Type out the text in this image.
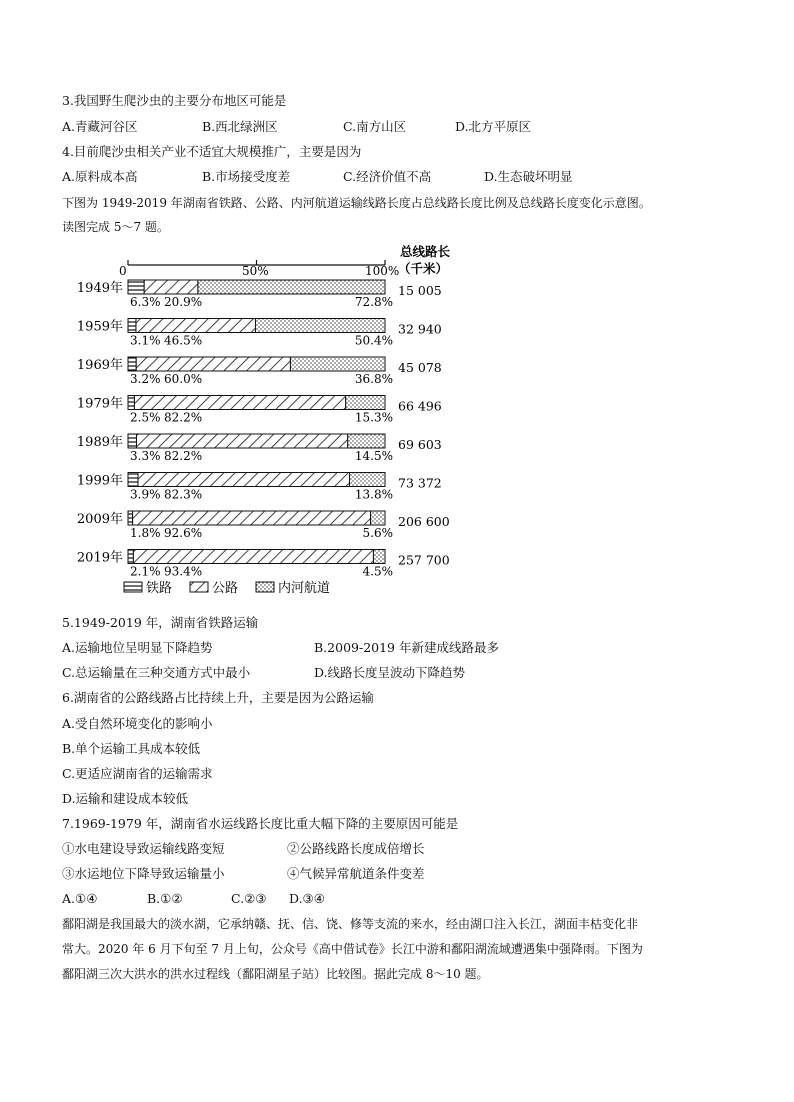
3.我国野生爬沙虫的主要分布地区可能是
A.青藏河谷区	B.西北绿洲区	C.南方山区	D.北方平原区
4.目前爬沙虫相关产业不适宜大规模推广，主要是因为
A.原料成本高	B.市场接受度差	C.经济价值不高	D.生态破坏明显
下图为 1949-2019 年湖南省铁路、公路、内河航道运输线路长度占总线路长度比例及总线路长度变化示意图。
读图完成 5～7 题。
0	50%	100%
总线路长
（千米）
1949年
6.3% 20.9%	72.8%
15 005
1959年
3.1% 46.5%	50.4%
32 940
1969年
3.2% 60.0%	36.8%
45 078
1979年
2.5% 82.2%	15.3%
66 496
1989年
3.3% 82.2%	14.5%
69 603
1999年
3.9% 82.3%	13.8%
73 372
2009年
1.8% 92.6%	5.6%
206 600
2019年
2.1% 93.4%	4.5%
257 700
铁路	公路	内河航道
5.1949-2019 年，湖南省铁路运输
A.运输地位呈明显下降趋势	B.2009-2019 年新建成线路最多
C.总运输量在三种交通方式中最小	D.线路长度呈波动下降趋势
6.湖南省的公路线路占比持续上升，主要是因为公路运输
A.受自然环境变化的影响小
B.单个运输工具成本较低
C.更适应湖南省的运输需求
D.运输和建设成本较低
7.1969-1979 年，湖南省水运线路长度比重大幅下降的主要原因可能是
①水电建设导致运输线路变短	②公路线路长度成倍增长
③水运地位下降导致运输量小	④气候异常航道条件变差
A.①④	B.①②	C.②③ D.③④
鄱阳湖是我国最大的淡水湖，它承纳赣、抚、信、饶、修等支流的来水，经由湖口注入长江，湖面丰枯变化非
常大。2020 年 6 月下旬至 7 月上旬，公众号《高中借试卷》长江中游和鄱阳湖流域遭遇集中强降雨。下图为
鄱阳湖三次大洪水的洪水过程线（鄱阳湖星子站）比较图。据此完成 8～10 题。
